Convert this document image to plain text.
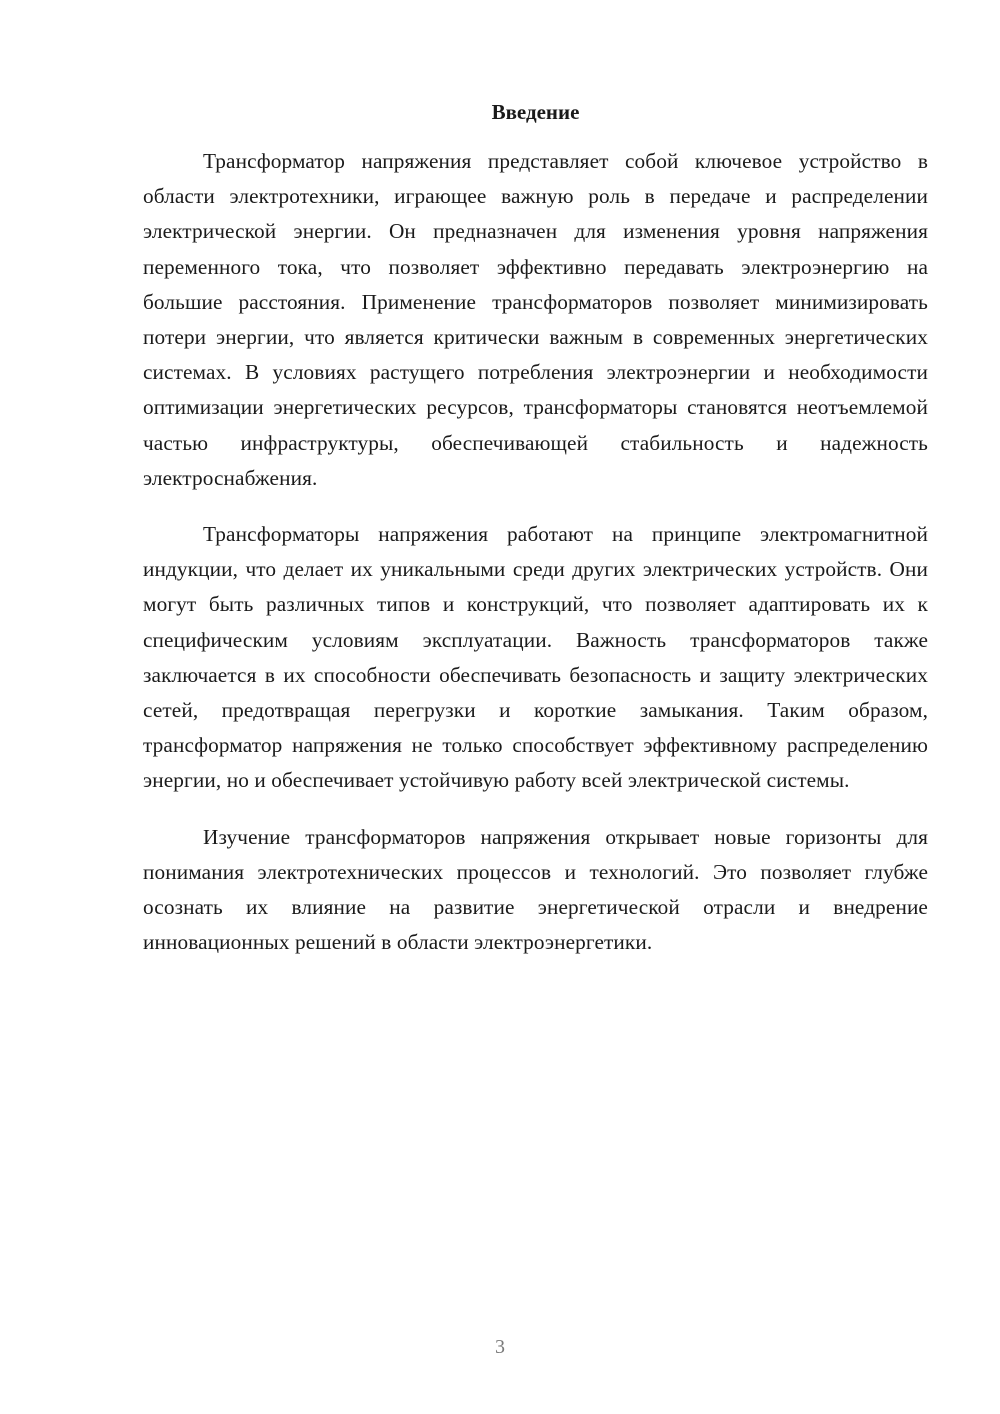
Введение

Трансформатор напряжения представляет собой ключевое устройство в области электротехники, играющее важную роль в передаче и распределении электрической энергии. Он предназначен для изменения уровня напряжения переменного тока, что позволяет эффективно передавать электроэнергию на большие расстояния. Применение трансформаторов позволяет минимизировать потери энергии, что является критически важным в современных энергетических системах. В условиях растущего потребления электроэнергии и необходимости оптимизации энергетических ресурсов, трансформаторы становятся неотъемлемой частью инфраструктуры, обеспечивающей стабильность и надежность электроснабжения.

Трансформаторы напряжения работают на принципе электромагнитной индукции, что делает их уникальными среди других электрических устройств. Они могут быть различных типов и конструкций, что позволяет адаптировать их к специфическим условиям эксплуатации. Важность трансформаторов также заключается в их способности обеспечивать безопасность и защиту электрических сетей, предотвращая перегрузки и короткие замыкания. Таким образом, трансформатор напряжения не только способствует эффективному распределению энергии, но и обеспечивает устойчивую работу всей электрической системы.

Изучение трансформаторов напряжения открывает новые горизонты для понимания электротехнических процессов и технологий. Это позволяет глубже осознать их влияние на развитие энергетической отрасли и внедрение инновационных решений в области электроэнергетики.

3
